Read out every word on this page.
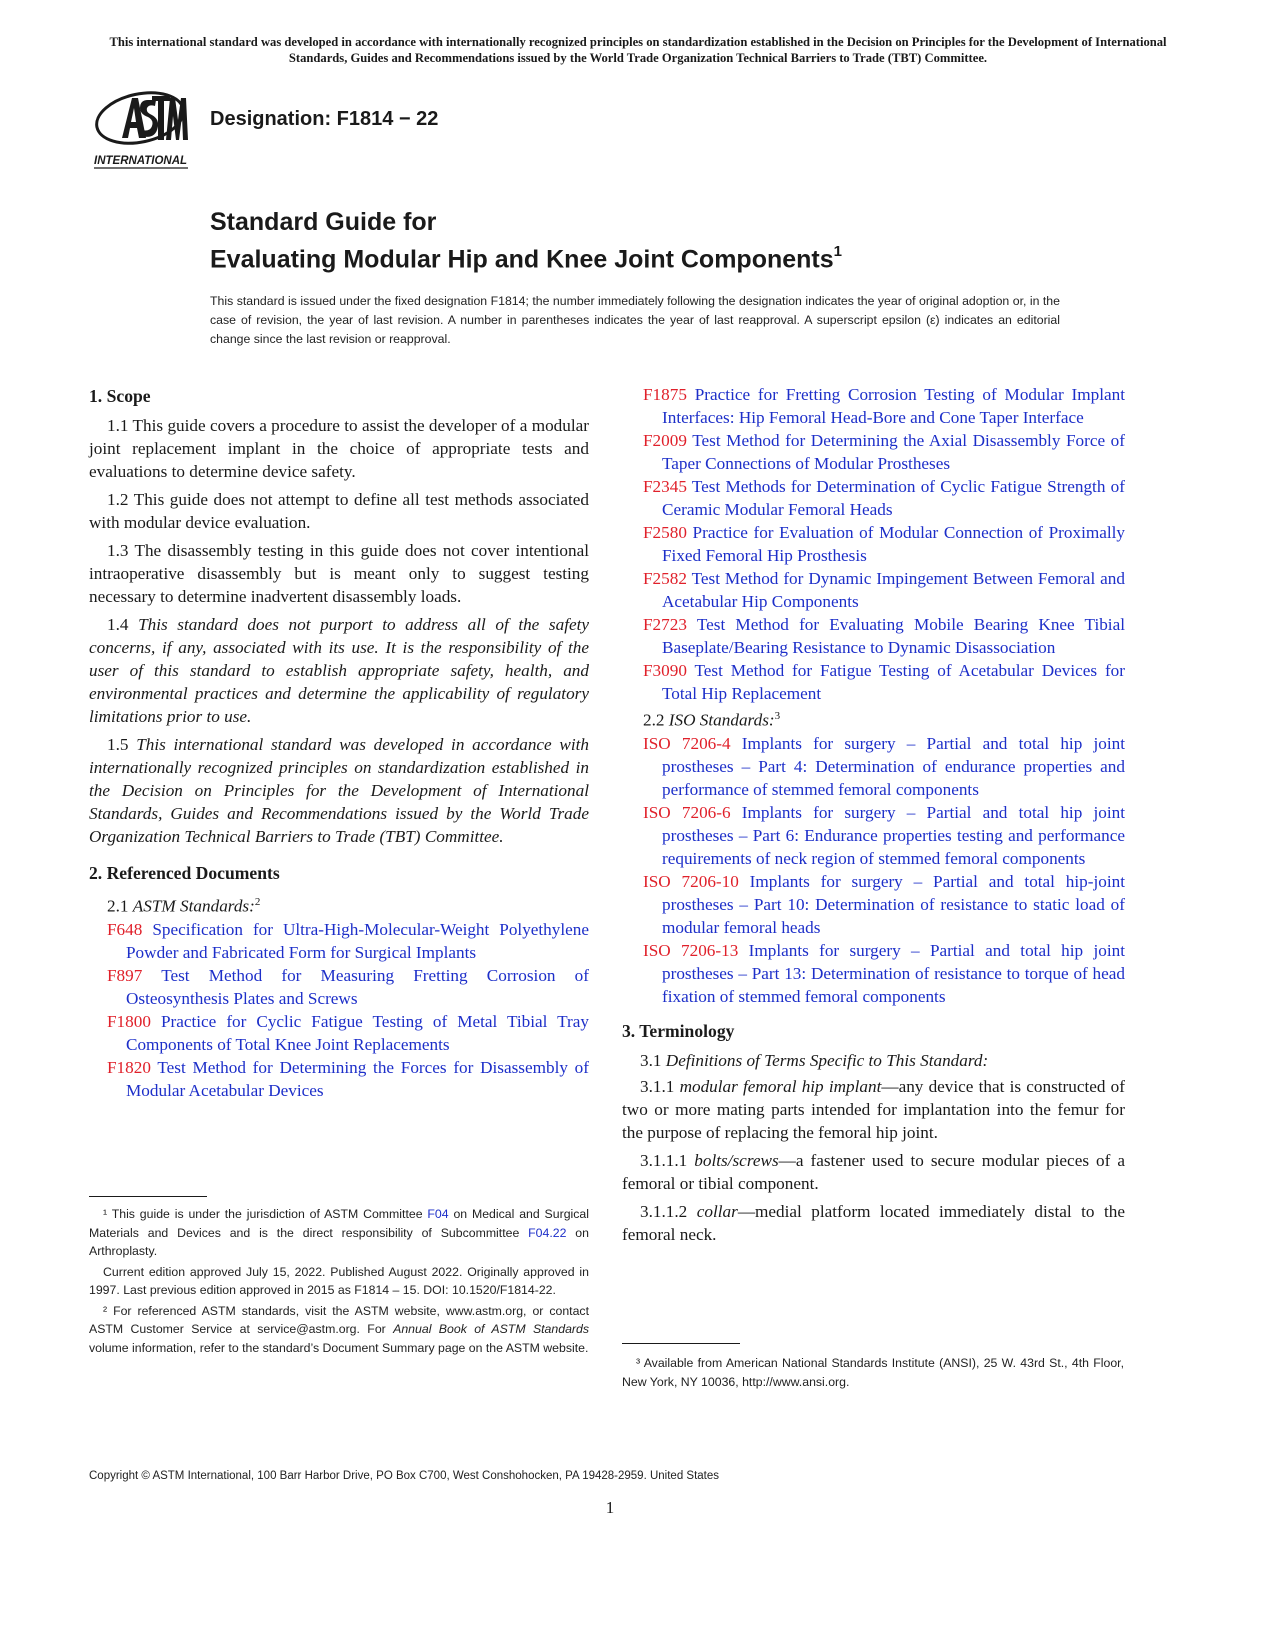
This international standard was developed in accordance with internationally recognized principles on standardization established in the Decision on Principles for the Development of International Standards, Guides and Recommendations issued by the World Trade Organization Technical Barriers to Trade (TBT) Committee.
INTERNATIONAL
Designation: F1814 − 22
Standard Guide for
Evaluating Modular Hip and Knee Joint Components$^1$
This standard is issued under the fixed designation F1814; the number immediately following the designation indicates the year of original adoption or, in the case of revision, the year of last revision. A number in parentheses indicates the year of last reapproval. A superscript epsilon (ε) indicates an editorial change since the last revision or reapproval.
1. Scope

1.1 This guide covers a procedure to assist the developer of a modular joint replacement implant in the choice of appropriate tests and evaluations to determine device safety.

1.2 This guide does not attempt to define all test methods associated with modular device evaluation.

1.3 The disassembly testing in this guide does not cover intentional intraoperative disassembly but is meant only to suggest testing necessary to determine inadvertent disassembly loads.

1.4 This standard does not purport to address all of the safety concerns, if any, associated with its use. It is the responsibility of the user of this standard to establish appropriate safety, health, and environmental practices and determine the applicability of regulatory limitations prior to use.

1.5 This international standard was developed in accordance with internationally recognized principles on standardization established in the Decision on Principles for the Development of International Standards, Guides and Recommendations issued by the World Trade Organization Technical Barriers to Trade (TBT) Committee.

2. Referenced Documents

2.1 ASTM Standards:$^2$

F648 Specification for Ultra-High-Molecular-Weight Polyethylene Powder and Fabricated Form for Surgical Implants

F897 Test Method for Measuring Fretting Corrosion of Osteosynthesis Plates and Screws

F1800 Practice for Cyclic Fatigue Testing of Metal Tibial Tray Components of Total Knee Joint Replacements

F1820 Test Method for Determining the Forces for Disassembly of Modular Acetabular Devices

F1875 Practice for Fretting Corrosion Testing of Modular Implant Interfaces: Hip Femoral Head-Bore and Cone Taper Interface

F2009 Test Method for Determining the Axial Disassembly Force of Taper Connections of Modular Prostheses

F2345 Test Methods for Determination of Cyclic Fatigue Strength of Ceramic Modular Femoral Heads

F2580 Practice for Evaluation of Modular Connection of Proximally Fixed Femoral Hip Prosthesis

F2582 Test Method for Dynamic Impingement Between Femoral and Acetabular Hip Components

F2723 Test Method for Evaluating Mobile Bearing Knee Tibial Baseplate/Bearing Resistance to Dynamic Disassociation

F3090 Test Method for Fatigue Testing of Acetabular Devices for Total Hip Replacement

2.2 ISO Standards:$^3$

ISO 7206-4 Implants for surgery – Partial and total hip joint prostheses – Part 4: Determination of endurance properties and performance of stemmed femoral components

ISO 7206-6 Implants for surgery – Partial and total hip joint prostheses – Part 6: Endurance properties testing and performance requirements of neck region of stemmed femoral components

ISO 7206-10 Implants for surgery – Partial and total hip-joint prostheses – Part 10: Determination of resistance to static load of modular femoral heads

ISO 7206-13 Implants for surgery – Partial and total hip joint prostheses – Part 13: Determination of resistance to torque of head fixation of stemmed femoral components

3. Terminology

3.1 Definitions of Terms Specific to This Standard:

3.1.1 modular femoral hip implant—any device that is constructed of two or more mating parts intended for implantation into the femur for the purpose of replacing the femoral hip joint.

3.1.1.1 bolts/screws—a fastener used to secure modular pieces of a femoral or tibial component.

3.1.1.2 collar—medial platform located immediately distal to the femoral neck.

¹ This guide is under the jurisdiction of ASTM Committee F04 on Medical and Surgical Materials and Devices and is the direct responsibility of Subcommittee F04.22 on Arthroplasty.

Current edition approved July 15, 2022. Published August 2022. Originally approved in 1997. Last previous edition approved in 2015 as F1814 – 15. DOI: 10.1520/F1814-22.

² For referenced ASTM standards, visit the ASTM website, www.astm.org, or contact ASTM Customer Service at service@astm.org. For Annual Book of ASTM Standards volume information, refer to the standard’s Document Summary page on the ASTM website.

³ Available from American National Standards Institute (ANSI), 25 W. 43rd St., 4th Floor, New York, NY 10036, http://www.ansi.org.

Copyright © ASTM International, 100 Barr Harbor Drive, PO Box C700, West Conshohocken, PA 19428-2959. United States
1
